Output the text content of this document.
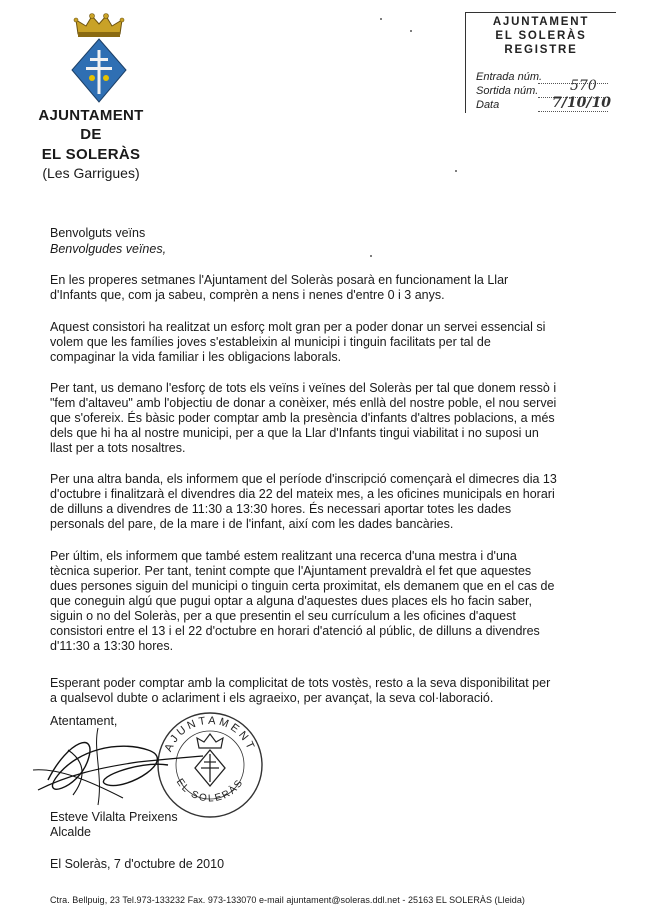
AJUNTAMENT
DE
EL SOLERÀS
(Les Garrigues)
AJUNTAMENT
EL SOLERÀS
REGISTRE
Entrada núm.
Sortida núm.
Data
570
7/10/10
Benvolguts veïns
Benvolgudes veïnes,
En les properes setmanes l'Ajuntament del Soleràs posarà en funcionament la Llar
d'Infants que, com ja sabeu, comprèn a nens i nenes d'entre 0 i 3 anys.
Aquest consistori ha realitzat un esforç molt gran per a poder donar un servei essencial si
volem que les famílies joves s'estableixin al municipi i tinguin facilitats per tal de
compaginar la vida familiar i les obligacions laborals.
Per tant, us demano l'esforç de tots els veïns i veïnes del Soleràs per tal que donem ressò i
"fem d'altaveu" amb l'objectiu de donar a conèixer, més enllà del nostre poble, el nou servei
que s'ofereix. És bàsic poder comptar amb la presència d'infants d'altres poblacions, a més
dels que hi ha al nostre municipi, per a que la Llar d'Infants tingui viabilitat i no suposi un
llast per a tots nosaltres.
Per una altra banda, els informem que el període d'inscripció començarà el dimecres dia 13
d'octubre i finalitzarà el divendres dia 22 del mateix mes, a les oficines municipals en horari
de dilluns a divendres de 11:30 a 13:30 hores. És necessari aportar totes les dades
personals del pare, de la mare i de l'infant, així com les dades bancàries.
Per últim, els informem que també estem realitzant una recerca d'una mestra i d'una
tècnica superior. Per tant, tenint compte que l'Ajuntament prevaldrà el fet que aquestes
dues persones siguin del municipi o tinguin certa proximitat, els demanem que en el cas de
que coneguin algú que pugui optar a alguna d'aquestes dues places els ho facin saber,
siguin o no del Soleràs, per a que presentin el seu currículum a les oficines d'aquest
consistori entre el 13 i el 22 d'octubre en horari d'atenció al públic, de dilluns a divendres
d'11:30 a 13:30 hores.
Esperant poder comptar amb la complicitat de tots vostès, resto a la seva disponibilitat per
a qualsevol dubte o aclariment i els agraeixo, per avançat, la seva col·laboració.
Atentament,
AJUNTAMENT
EL SOLERÀS
Esteve Vilalta Preixens
Alcalde
El Soleràs, 7 d'octubre de 2010
Ctra. Bellpuig, 23 Tel.973-133232 Fax. 973-133070 e-mail ajuntament@soleras.ddl.net - 25163 EL SOLERÀS (Lleida)
